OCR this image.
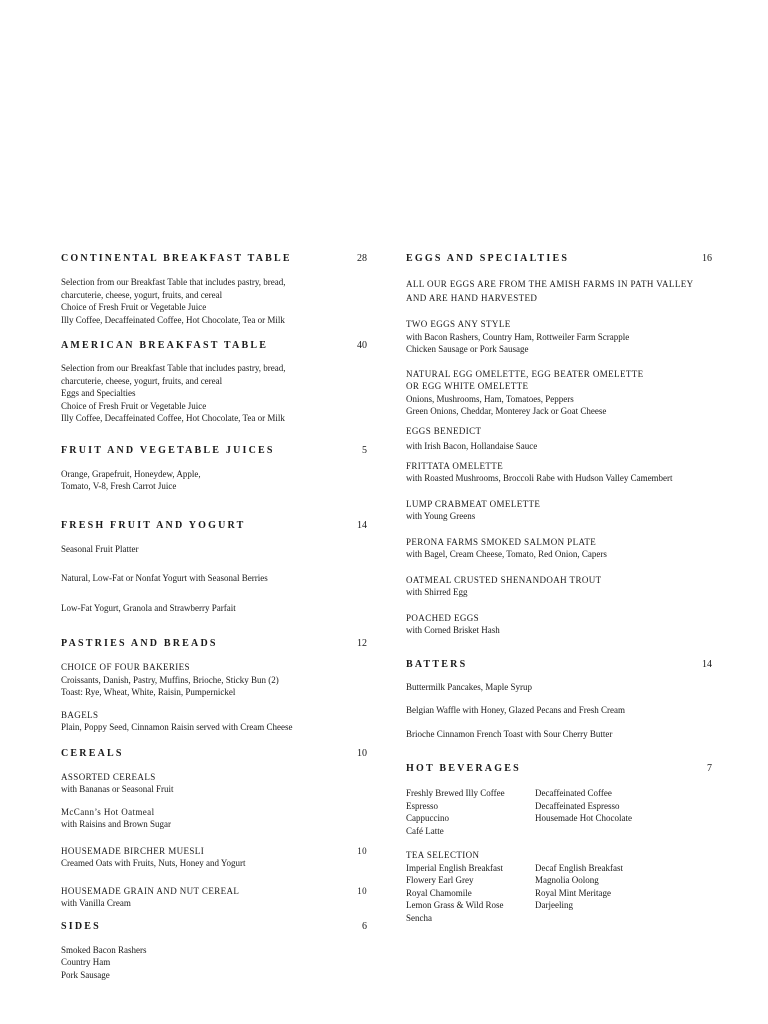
CONTINENTAL BREAKFAST TABLE	28
Selection from our Breakfast Table that includes pastry, bread,
charcuterie, cheese, yogurt, fruits, and cereal
Choice of Fresh Fruit or Vegetable Juice
Illy Coffee, Decaffeinated Coffee, Hot Chocolate, Tea or Milk
AMERICAN BREAKFAST TABLE	40
Selection from our Breakfast Table that includes pastry, bread,
charcuterie, cheese, yogurt, fruits, and cereal
Eggs and Specialties
Choice of Fresh Fruit or Vegetable Juice
Illy Coffee, Decaffeinated Coffee, Hot Chocolate, Tea or Milk
FRUIT AND VEGETABLE JUICES	5
Orange, Grapefruit, Honeydew, Apple,
Tomato, V-8, Fresh Carrot Juice
FRESH FRUIT AND YOGURT	14
Seasonal Fruit Platter
Natural, Low-Fat or Nonfat Yogurt with Seasonal Berries
Low-Fat Yogurt, Granola and Strawberry Parfait
PASTRIES AND BREADS	12
CHOICE OF FOUR BAKERIES
Croissants, Danish, Pastry, Muffins, Brioche, Sticky Bun (2)
Toast: Rye, Wheat, White, Raisin, Pumpernickel
BAGELS
Plain, Poppy Seed, Cinnamon Raisin served with Cream Cheese
CEREALS	10
ASSORTED CEREALS
with Bananas or Seasonal Fruit
McCann’s Hot Oatmeal
with Raisins and Brown Sugar
HOUSEMADE BIRCHER MUESLI	10
Creamed Oats with Fruits, Nuts, Honey and Yogurt
HOUSEMADE GRAIN AND NUT CEREAL	10
with Vanilla Cream
SIDES	6
Smoked Bacon Rashers
Country Ham
Pork Sausage
EGGS AND SPECIALTIES	16
ALL OUR EGGS ARE FROM THE AMISH FARMS IN PATH VALLEY
AND ARE HAND HARVESTED
TWO EGGS ANY STYLE
with Bacon Rashers, Country Ham, Rottweiler Farm Scrapple
Chicken Sausage or Pork Sausage
NATURAL EGG OMELETTE, EGG BEATER OMELETTE
OR EGG WHITE OMELETTE
Onions, Mushrooms, Ham, Tomatoes, Peppers
Green Onions, Cheddar, Monterey Jack or Goat Cheese
EGGS BENEDICT
with Irish Bacon, Hollandaise Sauce
FRITTATA OMELETTE
with Roasted Mushrooms, Broccoli Rabe with Hudson Valley Camembert
LUMP CRABMEAT OMELETTE
with Young Greens
PERONA FARMS SMOKED SALMON PLATE
with Bagel, Cream Cheese, Tomato, Red Onion, Capers
OATMEAL CRUSTED SHENANDOAH TROUT
with Shirred Egg
POACHED EGGS
with Corned Brisket Hash
BATTERS	14
Buttermilk Pancakes, Maple Syrup
Belgian Waffle with Honey, Glazed Pecans and Fresh Cream
Brioche Cinnamon French Toast with Sour Cherry Butter
HOT BEVERAGES	7
Freshly Brewed Illy Coffee
Espresso
Cappuccino
Café Latte
Decaffeinated Coffee
Decaffeinated Espresso
Housemade Hot Chocolate
TEA SELECTION
Imperial English Breakfast
Flowery Earl Grey
Royal Chamomile
Lemon Grass & Wild Rose
Sencha
Decaf English Breakfast
Magnolia Oolong
Royal Mint Meritage
Darjeeling
